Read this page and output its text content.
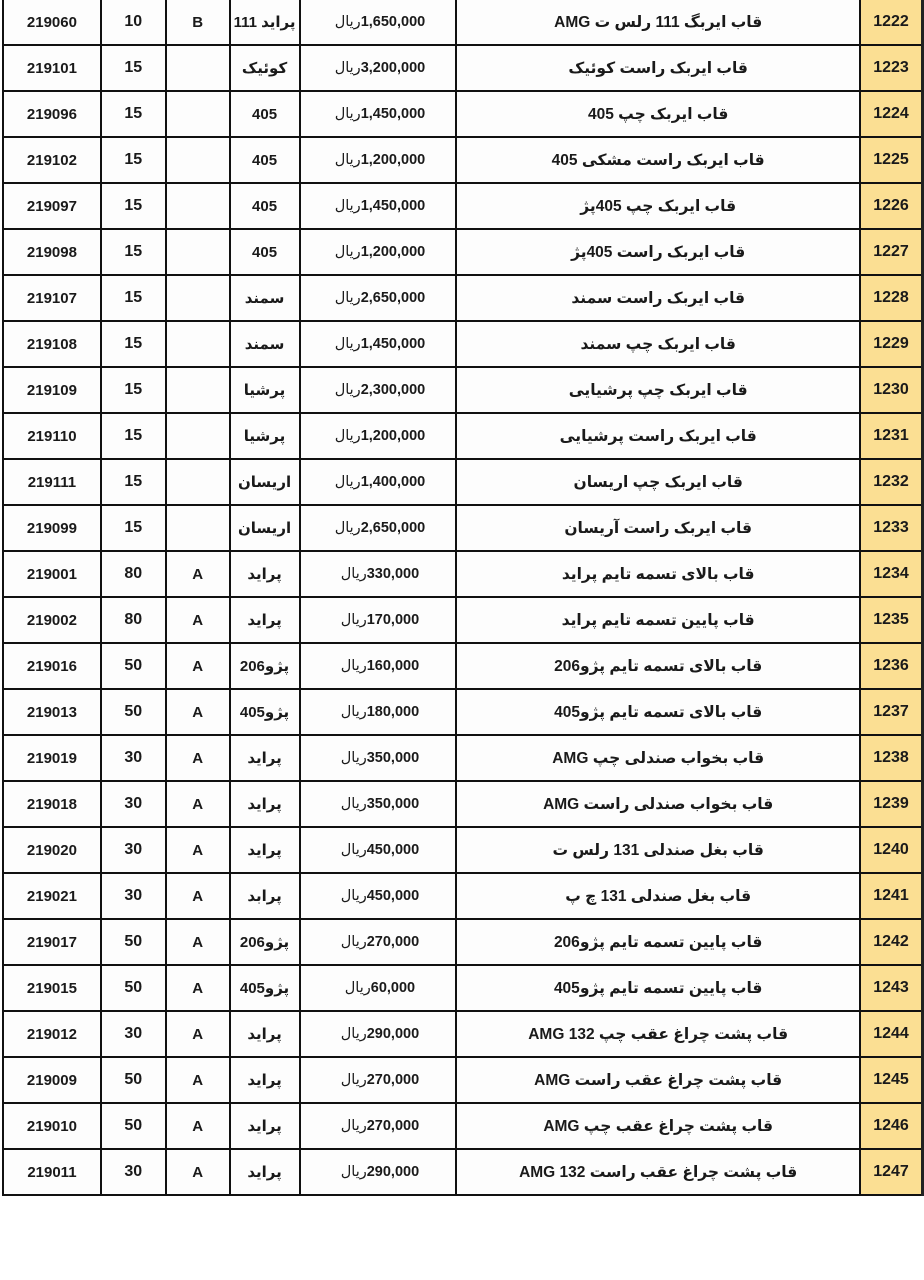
219060	10	B	پراید 111	1,650,000ریال	قاب ایربگ 111 رلس ت AMG	1222
219101	15		کوئیک	3,200,000ریال	قاب ایربک راست کوئیک	1223
219096	15		405	1,450,000ریال	قاب ایربک چپ 405	1224
219102	15		405	1,200,000ریال	قاب ایربک راست مشکی 405	1225
219097	15		405	1,450,000ریال	قاب ایربک چپ 405پژ	1226
219098	15		405	1,200,000ریال	قاب ایربک راست 405پژ	1227
219107	15		سمند	2,650,000ریال	قاب ایربک راست سمند	1228
219108	15		سمند	1,450,000ریال	قاب ایربک چپ سمند	1229
219109	15		پرشیا	2,300,000ریال	قاب ایربک چپ پرشیایی	1230
219110	15		پرشیا	1,200,000ریال	قاب ایربک راست پرشیایی	1231
219111	15		اریسان	1,400,000ریال	قاب ایربک چپ اریسان	1232
219099	15		اریسان	2,650,000ریال	قاب ایربک راست آریسان	1233
219001	80	A	پراید	330,000ریال	قاب بالای تسمه تایم پراید	1234
219002	80	A	پراید	170,000ریال	قاب پایین تسمه تایم پراید	1235
219016	50	A	پژو206	160,000ریال	قاب بالای تسمه تایم پژو206	1236
219013	50	A	پژو405	180,000ریال	قاب بالای تسمه تایم پژو405	1237
219019	30	A	پراید	350,000ریال	قاب بخواب صندلی چپ AMG	1238
219018	30	A	پراید	350,000ریال	قاب بخواب صندلی راست AMG	1239
219020	30	A	پراید	450,000ریال	قاب بغل صندلی 131 رلس ت	1240
219021	30	A	پرابد	450,000ریال	قاب بغل صندلی 131 چ پ	1241
219017	50	A	پژو206	270,000ریال	قاب پایین تسمه تایم پژو206	1242
219015	50	A	پژو405	60,000ریال	قاب پایین تسمه تایم پژو405	1243
219012	30	A	پراید	290,000ریال	قاب پشت چراغ عقب چپ AMG 132	1244
219009	50	A	پراید	270,000ریال	قاب پشت چراغ عقب راست AMG	1245
219010	50	A	پراید	270,000ریال	قاب پشت چراغ عقب چپ AMG	1246
219011	30	A	پراید	290,000ریال	قاب پشت چراغ عقب راست AMG 132	1247
